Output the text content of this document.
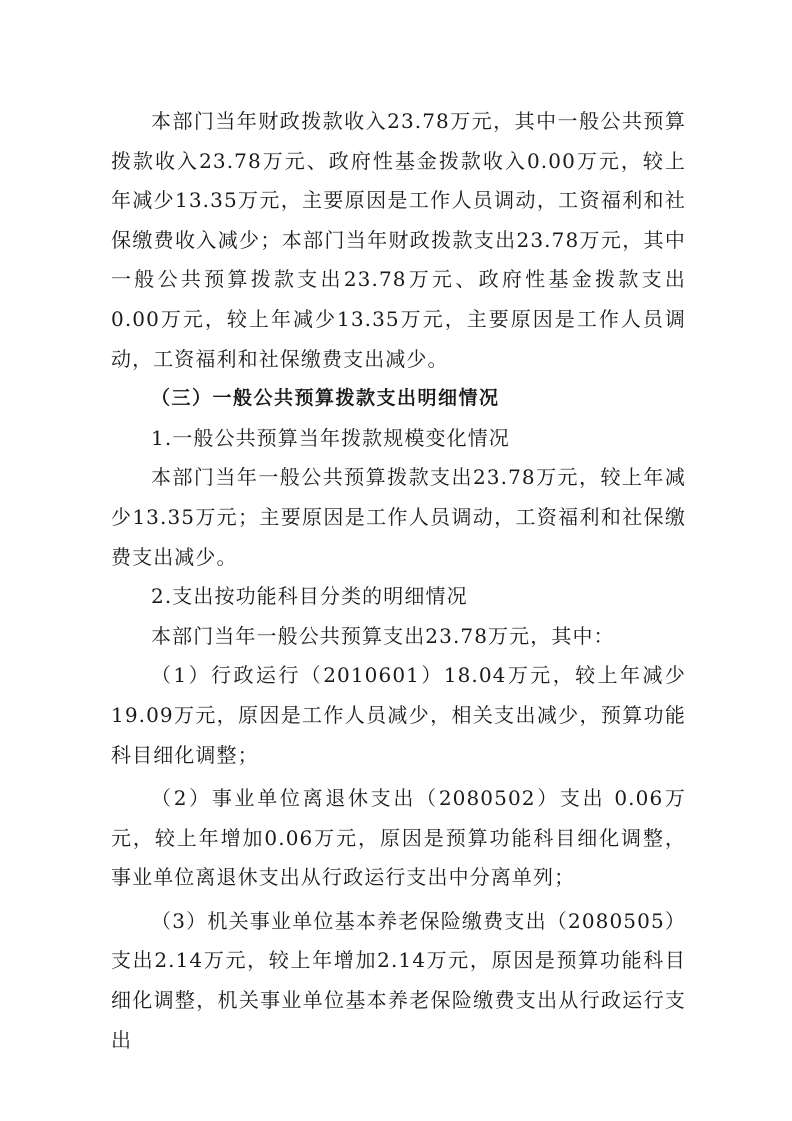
本部门当年财政拨款收入23.78万元，其中一般公共预算拨款收入23.78万元、政府性基金拨款收入0.00万元，较上年减少13.35万元，主要原因是工作人员调动，工资福利和社保缴费收入减少；本部门当年财政拨款支出23.78万元，其中一般公共预算拨款支出23.78万元、政府性基金拨款支出0.00万元，较上年减少13.35万元，主要原因是工作人员调动，工资福利和社保缴费支出减少。

（三）一般公共预算拨款支出明细情况

1.一般公共预算当年拨款规模变化情况

本部门当年一般公共预算拨款支出23.78万元，较上年减少13.35万元；主要原因是工作人员调动，工资福利和社保缴费支出减少。

2.支出按功能科目分类的明细情况

本部门当年一般公共预算支出23.78万元，其中：

（1）行政运行（2010601）18.04万元，较上年减少19.09万元，原因是工作人员减少，相关支出减少，预算功能科目细化调整；

（2）事业单位离退休支出（2080502）支出 0.06万元，较上年增加0.06万元，原因是预算功能科目细化调整，事业单位离退休支出从行政运行支出中分离单列；

（3）机关事业单位基本养老保险缴费支出（2080505）支出2.14万元，较上年增加2.14万元，原因是预算功能科目细化调整，机关事业单位基本养老保险缴费支出从行政运行支出
